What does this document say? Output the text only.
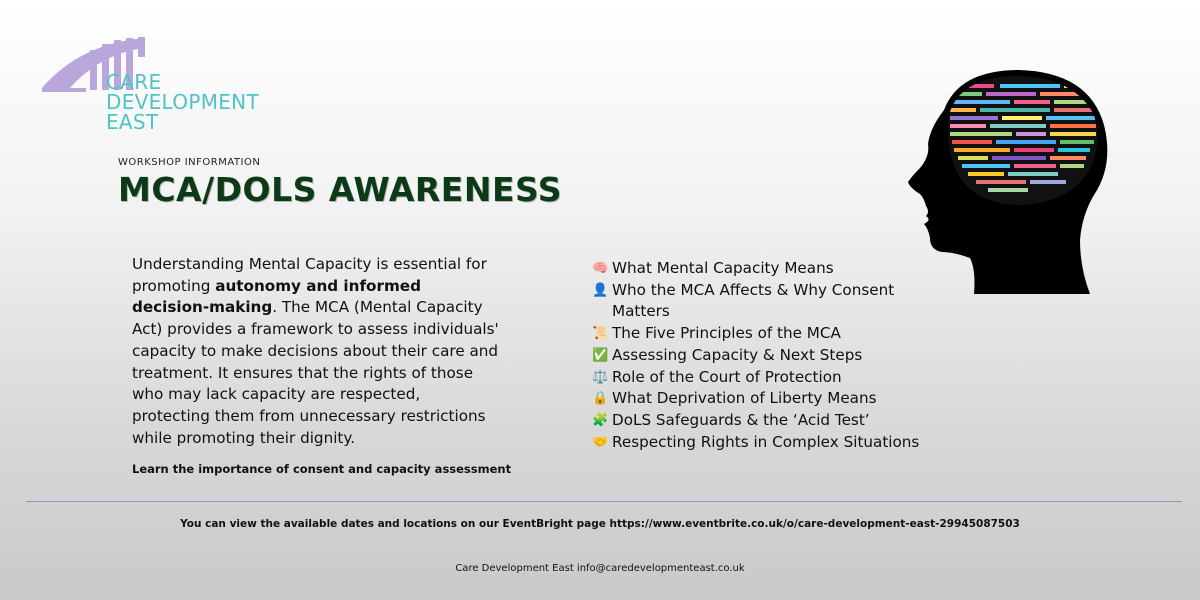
CARE
DEVELOPMENT
EAST
WORKSHOP INFORMATION
MCA/DOLS AWARENESS
Understanding Mental Capacity is essential for promoting autonomy and informed decision-making. The MCA (Mental Capacity Act) provides a framework to assess individuals' capacity to make decisions about their care and treatment. It ensures that the rights of those who may lack capacity are respected, protecting them from unnecessary restrictions while promoting their dignity.
Learn the importance of consent and capacity assessment
🧠 What Mental Capacity Means
👤 Who the MCA Affects & Why Consent Matters
📜 The Five Principles of the MCA
✅ Assessing Capacity & Next Steps
⚖️ Role of the Court of Protection
🔒 What Deprivation of Liberty Means
🧩 DoLS Safeguards & the ‘Acid Test’
🤝 Respecting Rights in Complex Situations
You can view the available dates and locations on our EventBright page https://www.eventbrite.co.uk/o/care-development-east-29945087503
Care Development East info@caredevelopmenteast.co.uk
